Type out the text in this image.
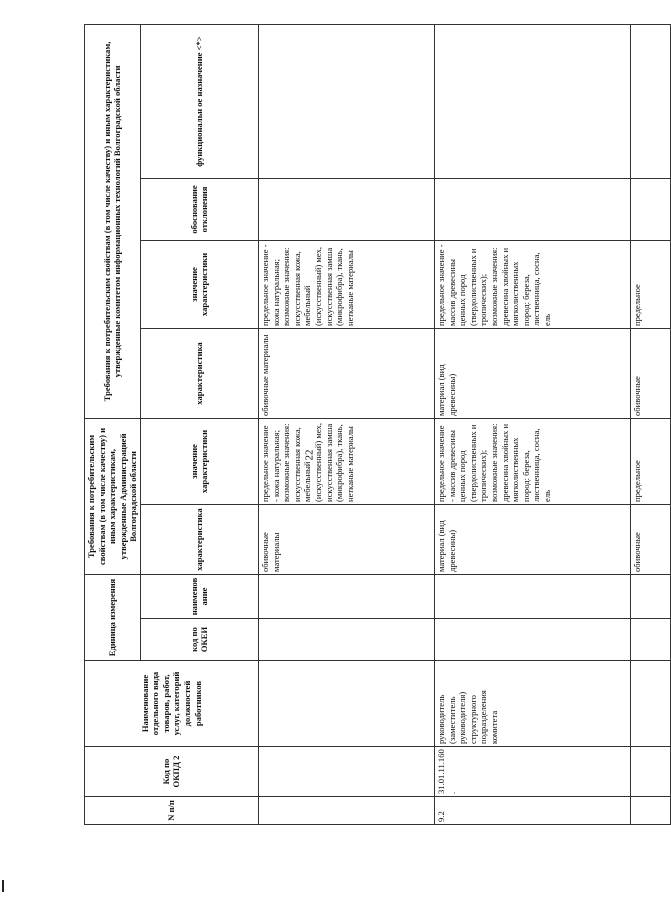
22
N п/п	Код по ОКПД 2	Наименование отдельного вида товаров, работ, услуг, категорий должностей работников	Единица измерения		Требования к потребительским свойствам (в том числе качеству) и иным характеристикам, утвержденные Администрацией Волгоградской области		Требования к потребительским свойствам (в том числе качеству) и иным характеристикам, утвержденные комитетом информационных технологий Волгоградской области			
			код по ОКЕИ	наименов ание	характеристика	значение характеристики	характеристика	значение характеристики	обоснование отклонения	функциональн ое назначение <*>
					обивочные материалы	предельное значение - кожа натуральная; возможные значения: искусственная кожа, мебельный (искусственный) мех, искусственная замша (микрофибра), ткань, нетканые материалы	обивочные материалы	предельное значение - кожа натуральная; возможные значения: искусственная кожа, мебельный (искусственный) мех, искусственная замша (микрофибра), ткань, нетканые материалы		
9.2	31.01.11.160.	руководитель (заместитель руководителя) структурного подразделения комитета			материал (вид древесины)	предельное значение - массив древесины ценных пород (твердолиственных и тропических); возможные значения: древесина хвойных и мягколиственных пород: береза, лиственница, сосна, ель	материал (вид древесины)	предельное значение - массив древесины ценных пород (твердолиственных и тропических); возможные значения: древесина хвойных и мягколиственных пород: береза, лиственница, сосна, ель		
					обивочные	предельное	обивочные	предельное		
